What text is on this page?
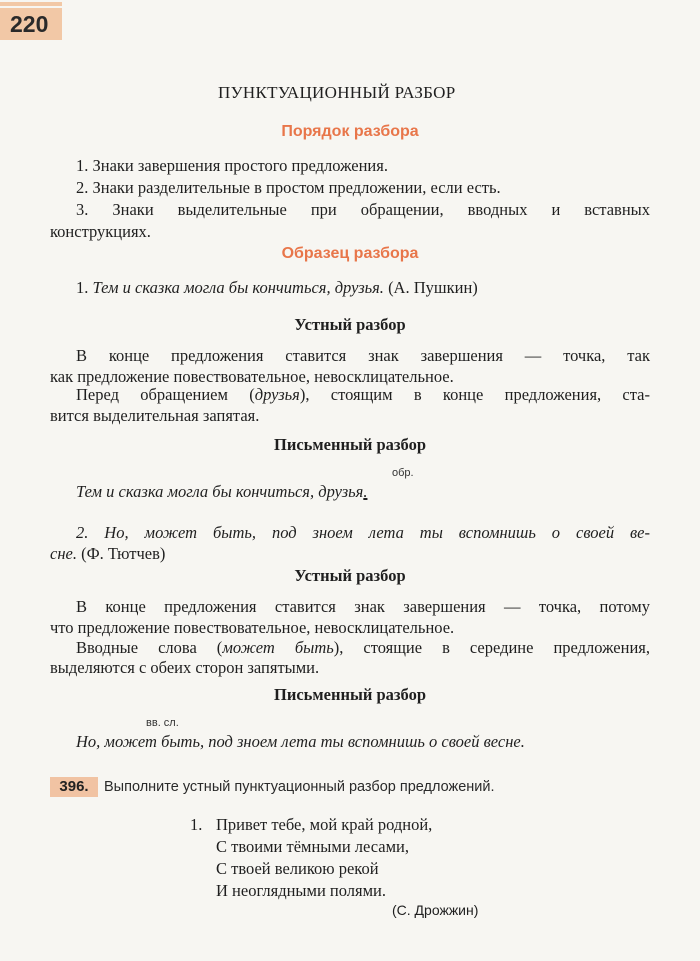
220
ПУНКТУАЦИОННЫЙ РАЗБОР
Порядок разбора
1. Знаки завершения простого предложения.
2. Знаки разделительные в простом предложении, если есть.
3. Знаки выделительные при обращении, вводных и вставных
конструкциях.
Образец разбора
1. Тем и сказка могла бы кончиться, друзья. (А. Пушкин)
Устный разбор
В конце предложения ставится знак завершения — точка, так
как предложение повествовательное, невосклицательное.
Перед обращением (друзья), стоящим в конце предложения, ста-
вится выделительная запятая.
Письменный разбор
обр.
Тем и сказка могла бы кончиться, друзья.
2. Но, может быть, под зноем лета ты вспомнишь о своей ве-
сне. (Ф. Тютчев)
Устный разбор
В конце предложения ставится знак завершения — точка, потому
что предложение повествовательное, невосклицательное.
Вводные слова (может быть), стоящие в середине предложения,
выделяются с обеих сторон запятыми.
Письменный разбор
вв. сл.
Но, может быть, под зноем лета ты вспомнишь о своей весне.
396.	Выполните устный пунктуационный разбор предложений.
1. Привет тебе, мой край родной,
С твоими тёмными лесами,
С твоей великою рекой
И неоглядными полями.
(С. Дрожжин)
